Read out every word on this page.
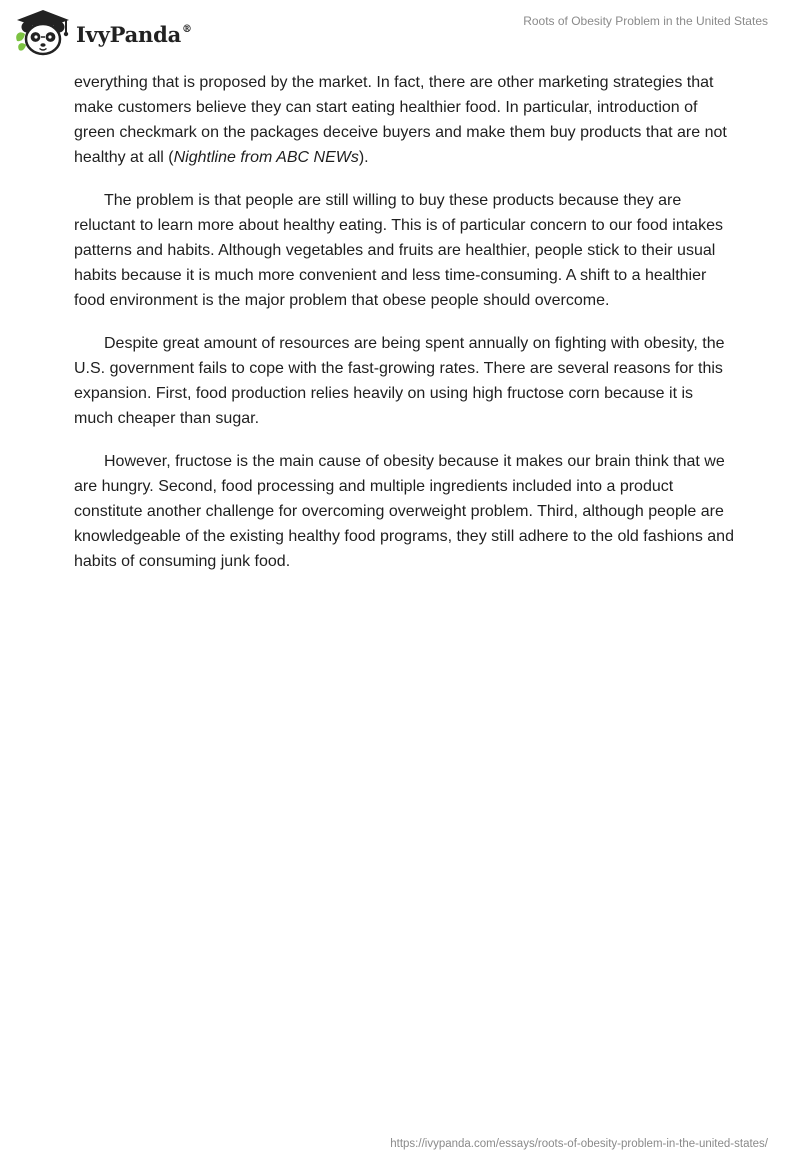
IvyPanda®
Roots of Obesity Problem in the United States

everything that is proposed by the market. In fact, there are other marketing strategies that make customers believe they can start eating healthier food. In particular, introduction of green checkmark on the packages deceive buyers and make them buy products that are not healthy at all (Nightline from ABC NEWs).

The problem is that people are still willing to buy these products because they are reluctant to learn more about healthy eating. This is of particular concern to our food intakes patterns and habits. Although vegetables and fruits are healthier, people stick to their usual habits because it is much more convenient and less time-consuming. A shift to a healthier food environment is the major problem that obese people should overcome.

Despite great amount of resources are being spent annually on fighting with obesity, the U.S. government fails to cope with the fast-growing rates. There are several reasons for this expansion. First, food production relies heavily on using high fructose corn because it is much cheaper than sugar.

However, fructose is the main cause of obesity because it makes our brain think that we are hungry. Second, food processing and multiple ingredients included into a product constitute another challenge for overcoming overweight problem. Third, although people are knowledgeable of the existing healthy food programs, they still adhere to the old fashions and habits of consuming junk food.

https://ivypanda.com/essays/roots-of-obesity-problem-in-the-united-states/
